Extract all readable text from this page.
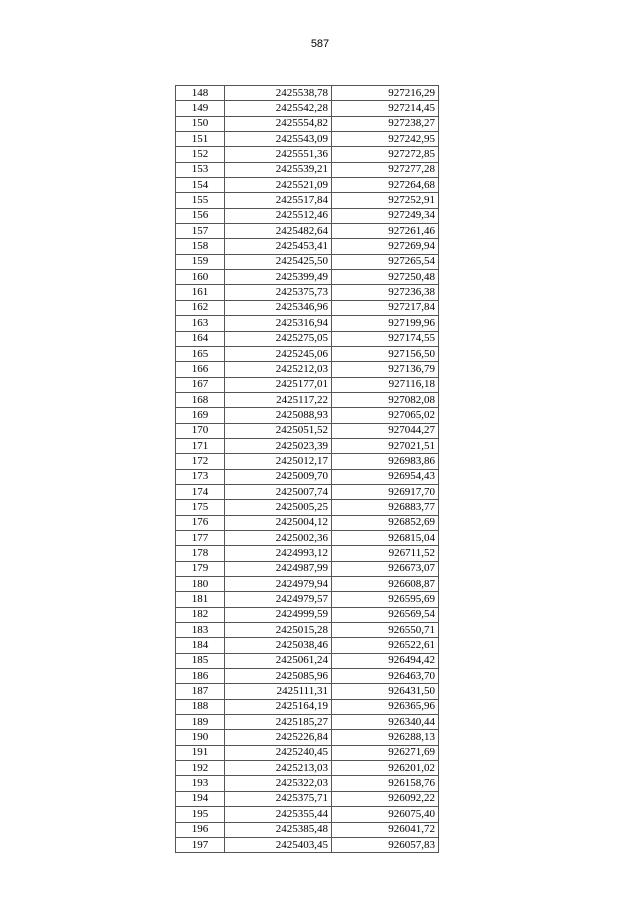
587
148	2425538,78	927216,29
149	2425542,28	927214,45
150	2425554,82	927238,27
151	2425543,09	927242,95
152	2425551,36	927272,85
153	2425539,21	927277,28
154	2425521,09	927264,68
155	2425517,84	927252,91
156	2425512,46	927249,34
157	2425482,64	927261,46
158	2425453,41	927269,94
159	2425425,50	927265,54
160	2425399,49	927250,48
161	2425375,73	927236,38
162	2425346,96	927217,84
163	2425316,94	927199,96
164	2425275,05	927174,55
165	2425245,06	927156,50
166	2425212,03	927136,79
167	2425177,01	927116,18
168	2425117,22	927082,08
169	2425088,93	927065,02
170	2425051,52	927044,27
171	2425023,39	927021,51
172	2425012,17	926983,86
173	2425009,70	926954,43
174	2425007,74	926917,70
175	2425005,25	926883,77
176	2425004,12	926852,69
177	2425002,36	926815,04
178	2424993,12	926711,52
179	2424987,99	926673,07
180	2424979,94	926608,87
181	2424979,57	926595,69
182	2424999,59	926569,54
183	2425015,28	926550,71
184	2425038,46	926522,61
185	2425061,24	926494,42
186	2425085,96	926463,70
187	2425111,31	926431,50
188	2425164,19	926365,96
189	2425185,27	926340,44
190	2425226,84	926288,13
191	2425240,45	926271,69
192	2425213,03	926201,02
193	2425322,03	926158,76
194	2425375,71	926092,22
195	2425355,44	926075,40
196	2425385,48	926041,72
197	2425403,45	926057,83
